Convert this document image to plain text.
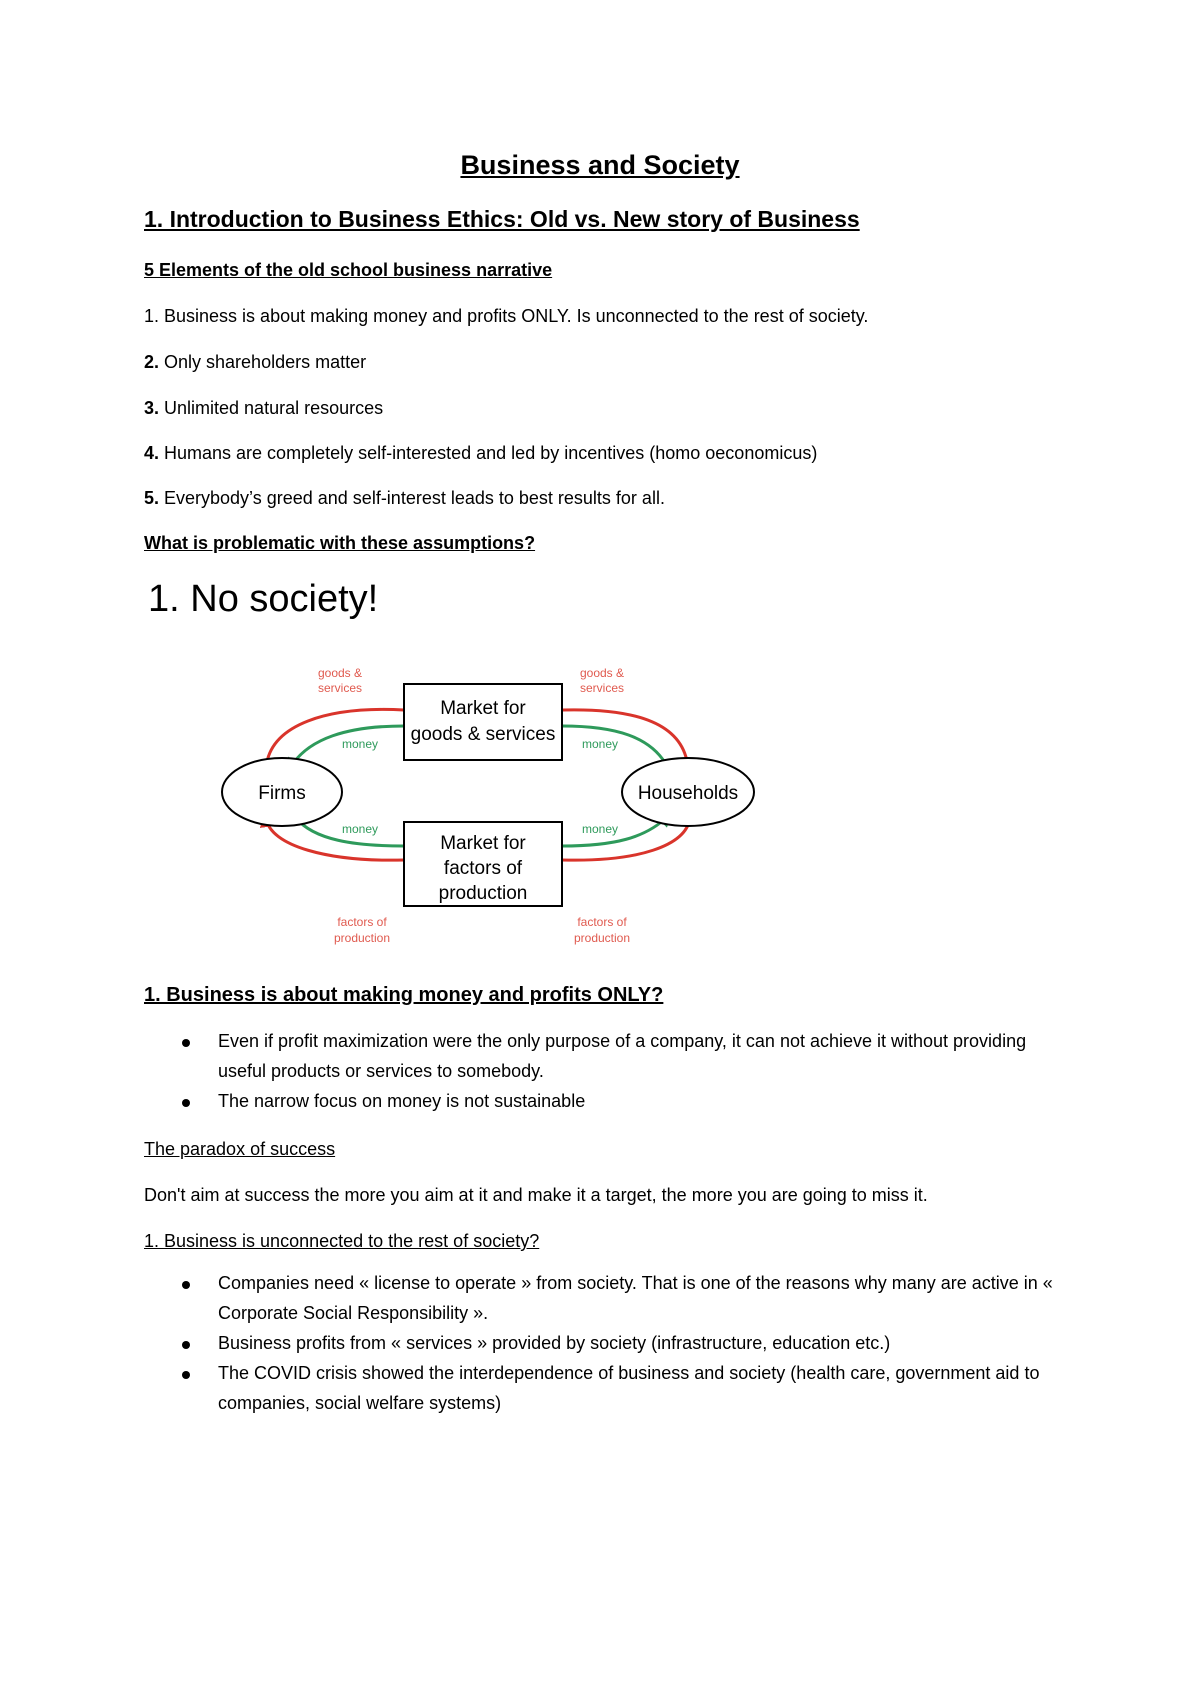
Business and Society
1. Introduction to Business Ethics: Old vs. New story of Business
5 Elements of the old school business narrative

1. Business is about making money and profits ONLY. Is unconnected to the rest of society.

2. Only shareholders matter

3. Unlimited natural resources

4. Humans are completely self-interested and led by incentives (homo oeconomicus)

5. Everybody’s greed and self-interest leads to best results for all.

What is problematic with these assumptions?

1. No society!

Firms	Households
Market for
goods & services
Market for
factors of
production
goods &
services
goods &
services
money	money
money	money
factors of
production
factors of
production
1. Business is about making money and profits ONLY?
Even if profit maximization were the only purpose of a company, it can not achieve it without providing useful products or services to somebody.
The narrow focus on money is not sustainable

The paradox of success

Don't aim at success the more you aim at it and make it a target, the more you are going to miss it.

1. Business is unconnected to the rest of society?

Companies need « license to operate » from society. That is one of the reasons why many are active in « Corporate Social Responsibility ».
Business profits from « services » provided by society (infrastructure, education etc.)
The COVID crisis showed the interdependence of business and society (health care, government aid to companies, social welfare systems)
